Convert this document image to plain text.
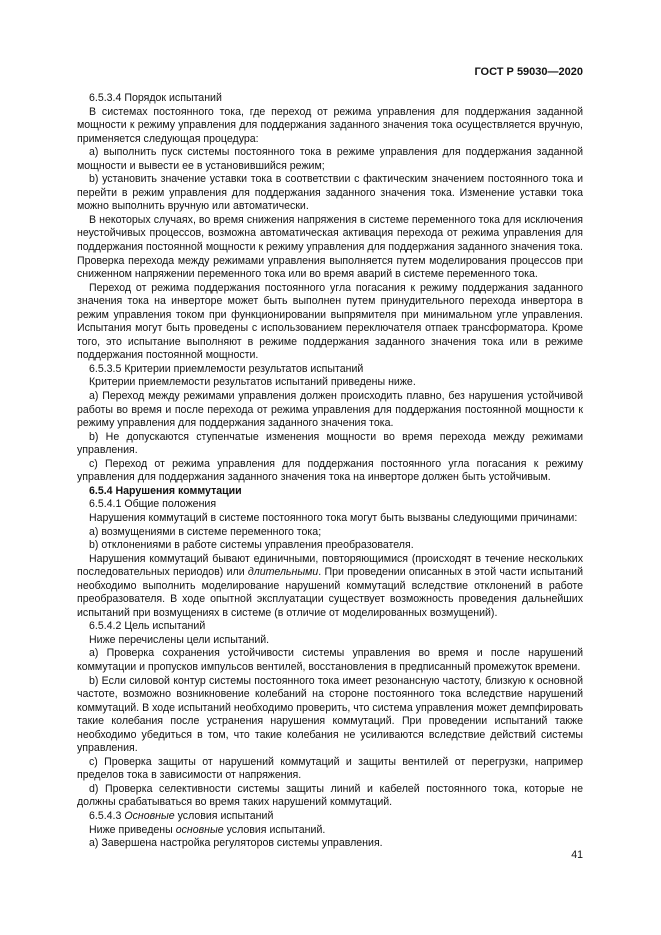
ГОСТ Р 59030—2020

6.5.3.4 Порядок испытаний

В системах постоянного тока, где переход от режима управления для поддержания заданной мощности к режиму управления для поддержания заданного значения тока осуществляется вручную, применяется следующая процедура:

а) выполнить пуск системы постоянного тока в режиме управления для поддержания заданной мощности и вывести ее в установившийся режим;

b) установить значение уставки тока в соответствии с фактическим значением постоянного тока и перейти в режим управления для поддержания заданного значения тока. Изменение уставки тока можно выполнить вручную или автоматически.

В некоторых случаях, во время снижения напряжения в системе переменного тока для исключения неустойчивых процессов, возможна автоматическая активация перехода от режима управления для поддержания постоянной мощности к режиму управления для поддержания заданного значения тока. Проверка перехода между режимами управления выполняется путем моделирования процессов при сниженном напряжении переменного тока или во время аварий в системе переменного тока.

Переход от режима поддержания постоянного угла погасания к режиму поддержания заданного значения тока на инверторе может быть выполнен путем принудительного перехода инвертора в режим управления током при функционировании выпрямителя при минимальном угле управления. Испытания могут быть проведены с использованием переключателя отпаек трансформатора. Кроме того, это испытание выполняют в режиме поддержания заданного значения тока или в режиме поддержания постоянной мощности.

6.5.3.5 Критерии приемлемости результатов испытаний

Критерии приемлемости результатов испытаний приведены ниже.

а) Переход между режимами управления должен происходить плавно, без нарушения устойчивой работы во время и после перехода от режима управления для поддержания постоянной мощности к режиму управления для поддержания заданного значения тока.

b) Не допускаются ступенчатые изменения мощности во время перехода между режимами управления.

с) Переход от режима управления для поддержания постоянного угла погасания к режиму управления для поддержания заданного значения тока на инверторе должен быть устойчивым.

6.5.4 Нарушения коммутации

6.5.4.1 Общие положения

Нарушения коммутаций в системе постоянного тока могут быть вызваны следующими причинами:

а) возмущениями в системе переменного тока;

b) отклонениями в работе системы управления преобразователя.

Нарушения коммутаций бывают единичными, повторяющимися (происходят в течение нескольких последовательных периодов) или длительными. При проведении описанных в этой части испытаний необходимо выполнить моделирование нарушений коммутаций вследствие отклонений в работе преобразователя. В ходе опытной эксплуатации существует возможность проведения дальнейших испытаний при возмущениях в системе (в отличие от моделированных возмущений).

6.5.4.2 Цель испытаний

Ниже перечислены цели испытаний.

а) Проверка сохранения устойчивости системы управления во время и после нарушений коммутации и пропусков импульсов вентилей, восстановления в предписанный промежуток времени.

b) Если силовой контур системы постоянного тока имеет резонансную частоту, близкую к основной частоте, возможно возникновение колебаний на стороне постоянного тока вследствие нарушений коммутаций. В ходе испытаний необходимо проверить, что система управления может демпфировать такие колебания после устранения нарушения коммутаций. При проведении испытаний также необходимо убедиться в том, что такие колебания не усиливаются вследствие действий системы управления.

с) Проверка защиты от нарушений коммутаций и защиты вентилей от перегрузки, например пределов тока в зависимости от напряжения.

d) Проверка селективности системы защиты линий и кабелей постоянного тока, которые не должны срабатываться во время таких нарушений коммутаций.

6.5.4.3 Основные условия испытаний

Ниже приведены основные условия испытаний.

а) Завершена настройка регуляторов системы управления.

41
